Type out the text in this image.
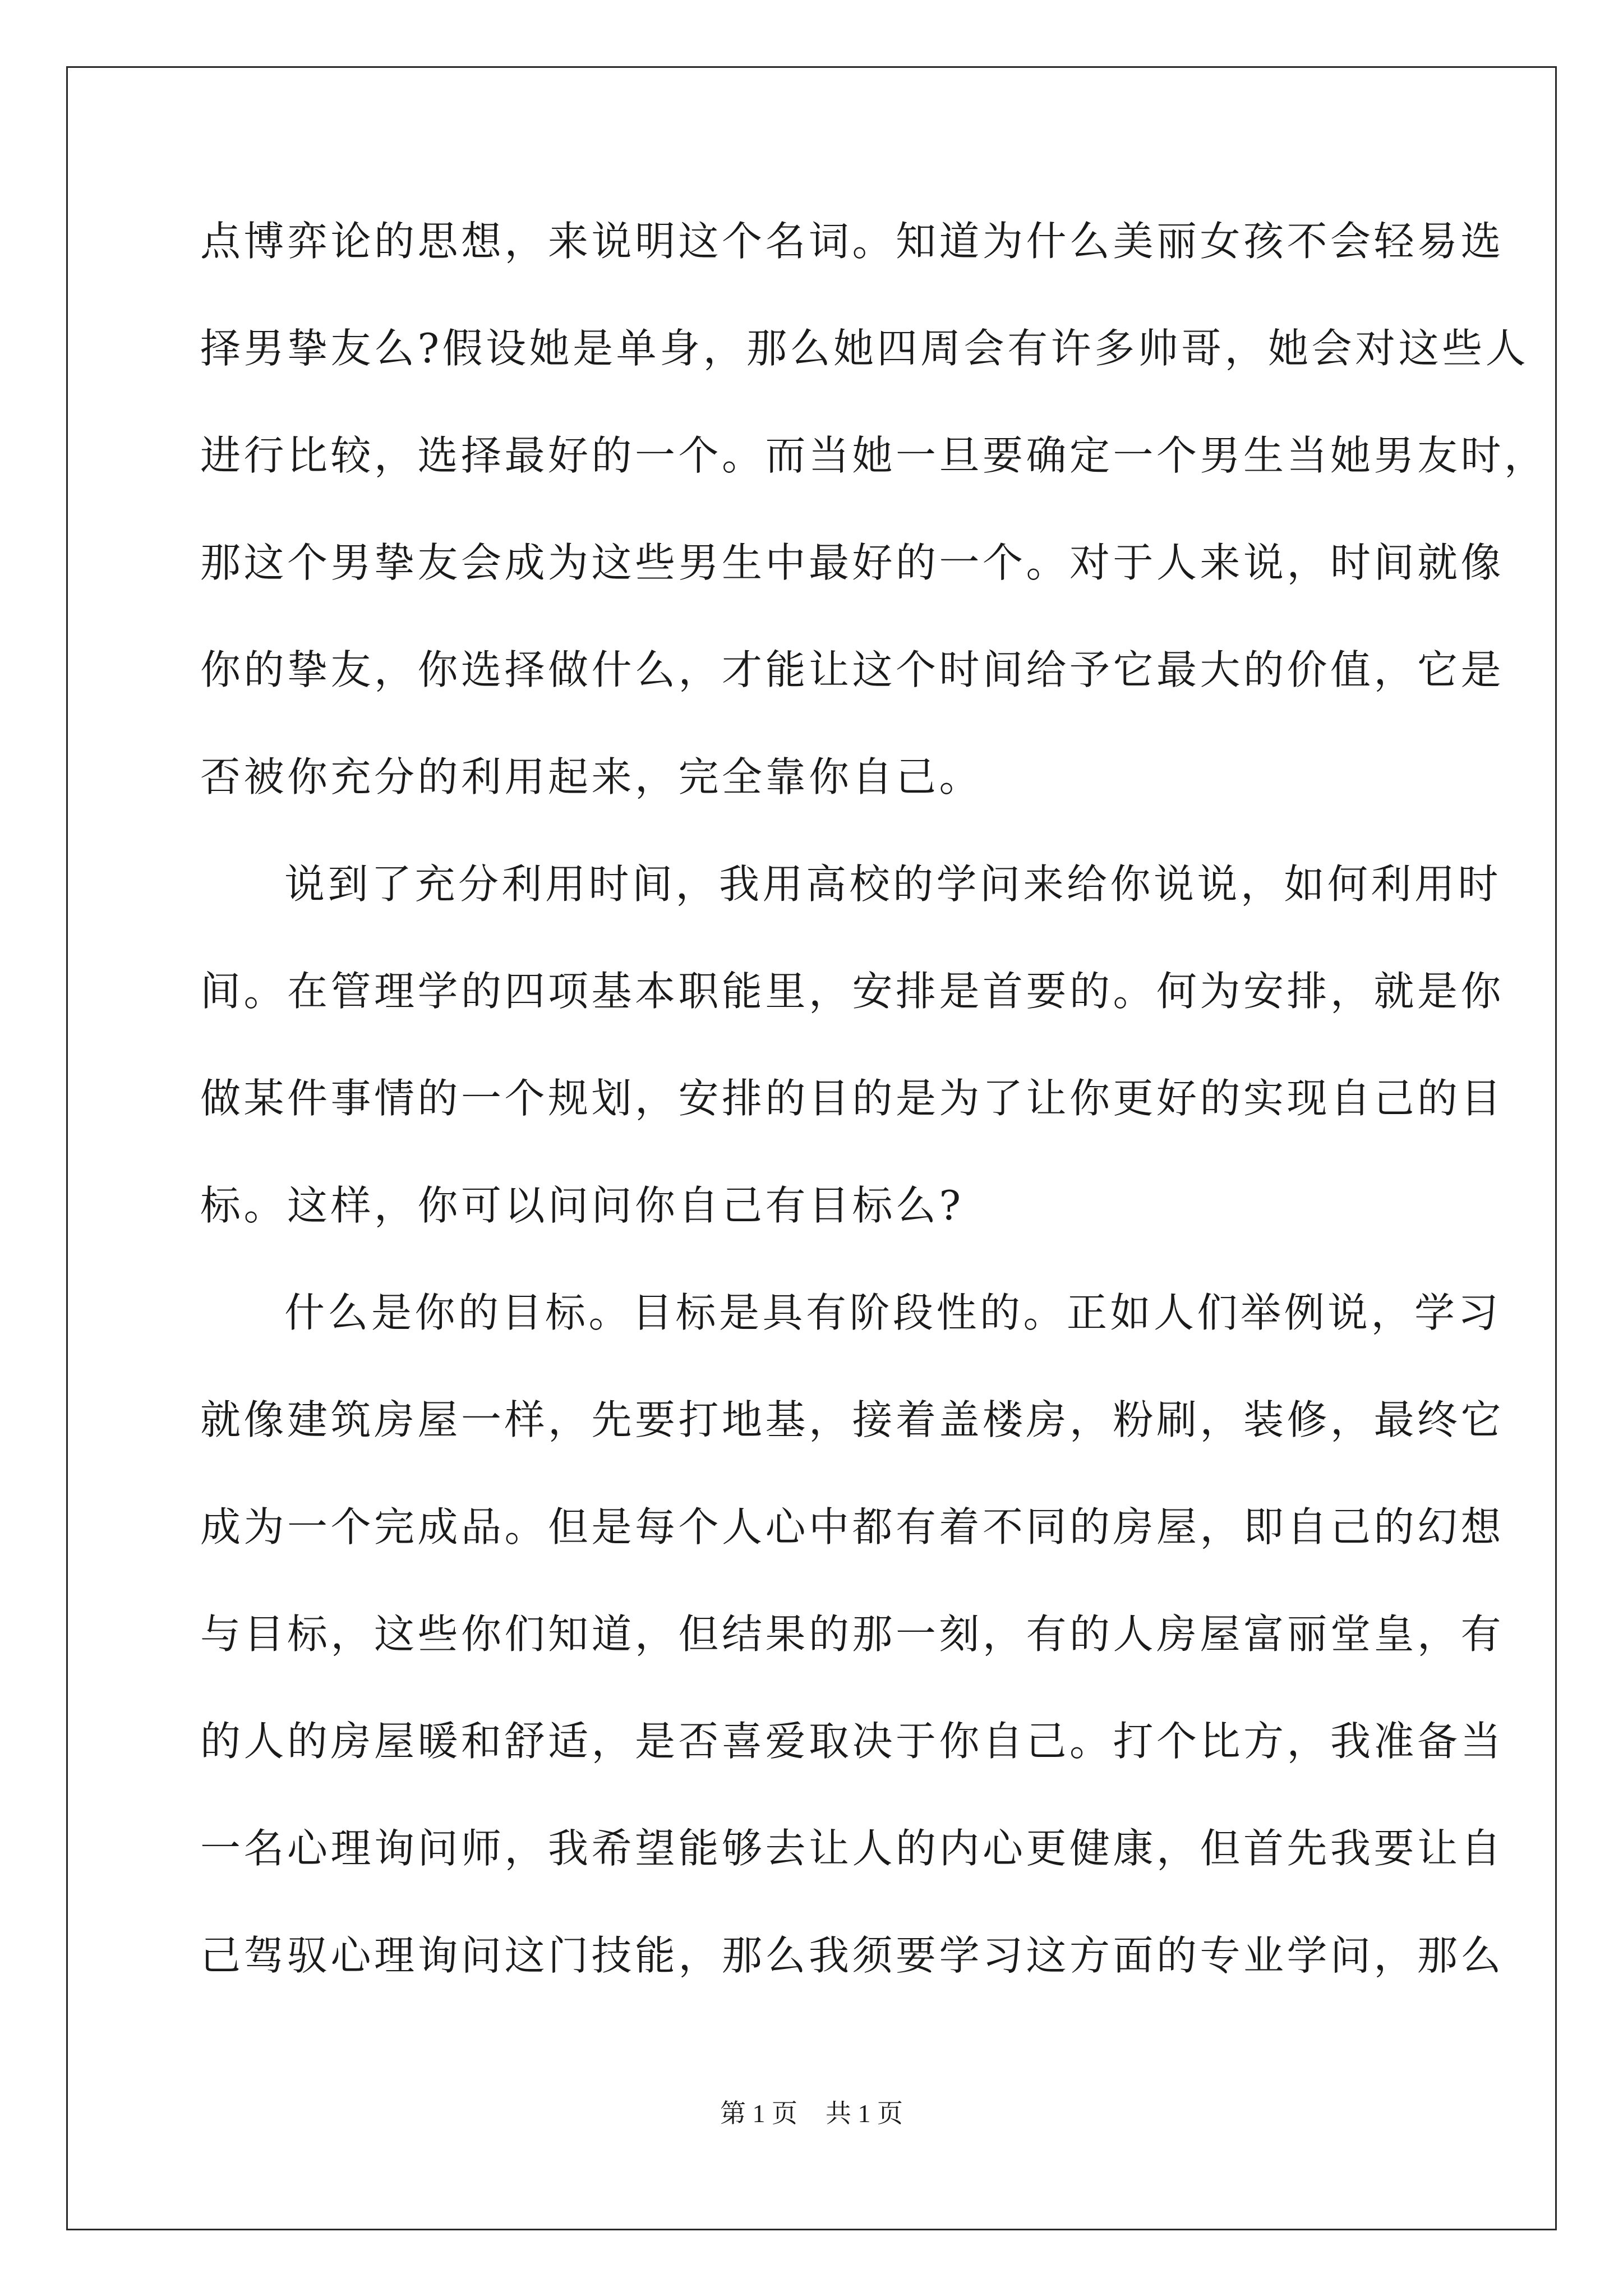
点博弈论的思想，来说明这个名词。知道为什么美丽女孩不会轻易选
择男挚友么?假设她是单身，那么她四周会有许多帅哥，她会对这些人
进行比较，选择最好的一个。而当她一旦要确定一个男生当她男友时，
那这个男挚友会成为这些男生中最好的一个。对于人来说，时间就像
你的挚友，你选择做什么，才能让这个时间给予它最大的价值，它是
否被你充分的利用起来，完全靠你自己。
说到了充分利用时间，我用高校的学问来给你说说，如何利用时
间。在管理学的四项基本职能里，安排是首要的。何为安排，就是你
做某件事情的一个规划，安排的目的是为了让你更好的实现自己的目
标。这样，你可以问问你自己有目标么?
什么是你的目标。目标是具有阶段性的。正如人们举例说，学习
就像建筑房屋一样，先要打地基，接着盖楼房，粉刷，装修，最终它
成为一个完成品。但是每个人心中都有着不同的房屋，即自己的幻想
与目标，这些你们知道，但结果的那一刻，有的人房屋富丽堂皇，有
的人的房屋暖和舒适，是否喜爱取决于你自己。打个比方，我准备当
一名心理询问师，我希望能够去让人的内心更健康，但首先我要让自
己驾驭心理询问这门技能，那么我须要学习这方面的专业学问，那么
第 1 页 共 1 页
